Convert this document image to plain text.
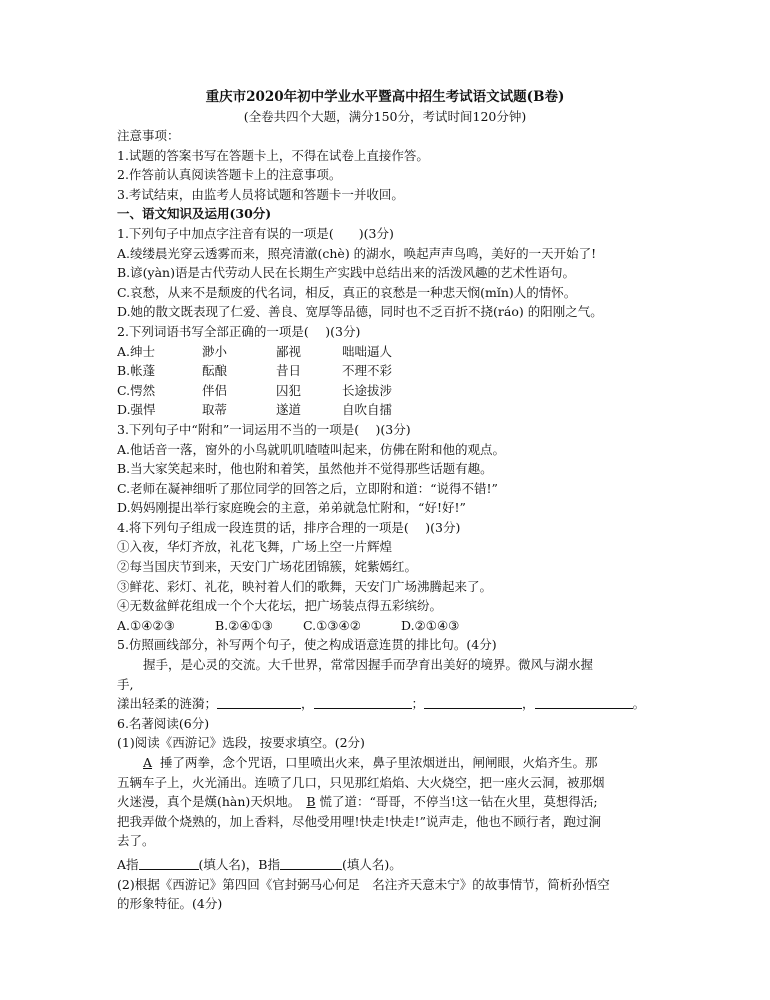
重庆市2020年初中学业水平暨高中招生考试语文试题(B卷)
(全卷共四个大题，满分150分，考试时间120分钟)
注意事项：
1.试题的答案书写在答题卡上，不得在试卷上直接作答。
2.作答前认真阅读答题卡上的注意事项。
3.考试结束，由监考人员将试题和答题卡一并收回。
一、语文知识及运用(30分)
1.下列句子中加点字注音有误的一项是(　　)(3分)
A.绫缕晨光穿云透雾而来，照亮清澈(chè) 的湖水，唤起声声鸟鸣，美好的一天开始了!
B.谚(yàn)语是古代劳动人民在长期生产实践中总结出来的活泼风趣的艺术性语句。
C.哀愁，从来不是颓废的代名词，相反，真正的哀愁是一种悲天悯(mǐn)人的情怀。
D.她的散文既表现了仁爱、善良、宽厚等品德，同时也不乏百折不挠(ráo) 的阳刚之气。
2.下列词语书写全部正确的一项是(　 )(3分)
A.绅士	渺小	鄙视	咄咄逼人
B.帐蓬	酝酿	昔日	不理不彩
C.愕然	伴侣	囚犯	长途拔涉
D.强悍	取蒂	遂道	自吹自擂
3.下列句子中“附和”一词运用不当的一项是(　 )(3分)
A.他话音一落，窗外的小鸟就叽叽喳喳叫起来，仿佛在附和他的观点。
B.当大家笑起来时，他也附和着笑，虽然他并不觉得那些话题有趣。
C.老师在凝神细听了那位同学的回答之后，立即附和道：“说得不错!”
D.妈妈刚提出举行家庭晚会的主意，弟弟就急忙附和，“好!好!”
4.将下列句子组成一段连贯的话，排序合理的一项是(　 )(3分)
①入夜，华灯齐放，礼花飞舞，广场上空一片辉煌
②每当国庆节到来，天安门广场花团锦簇，姹紫嫣红。
③鲜花、彩灯、礼花，映衬着人们的歌舞，天安门广场沸腾起来了。
④无数盆鲜花组成一个个大花坛，把广场装点得五彩缤纷。
A.①④②③	B.②④①③ C.①③④②	D.②①④③
5.仿照画线部分，补写两个句子，使之构成语意连贯的排比句。(4分)
握手，是心灵的交流。大千世界，常常因握手而孕育出美好的境界。微风与湖水握
手,
漾出轻柔的涟漪；	，	；	，	。
6.名著阅读(6分)
(1)阅读《西游记》选段，按要求填空。(2分)
A 捶了两拳，念个咒语，口里喷出火来，鼻子里浓烟迸出，闸闸眼，火焰齐生。那
五辆车子上，火光涌出。连喷了几口，只见那红焰焰、大火烧空，把一座火云洞，被那烟
火迷漫，真个是熯(hàn)天炽地。 B 慌了道：“哥哥，不停当!这一钻在火里，莫想得活;
把我弄做个烧熟的，加上香料，尽他受用哩!快走!快走!”说声走，他也不顾行者，跑过涧
去了。
A指	(填人名)，B指	(填人名)。
(2)根据《西游记》第四回《官封弼马心何足　名注齐天意未宁》的故事情节，简析孙悟空
的形象特征。(4分)
